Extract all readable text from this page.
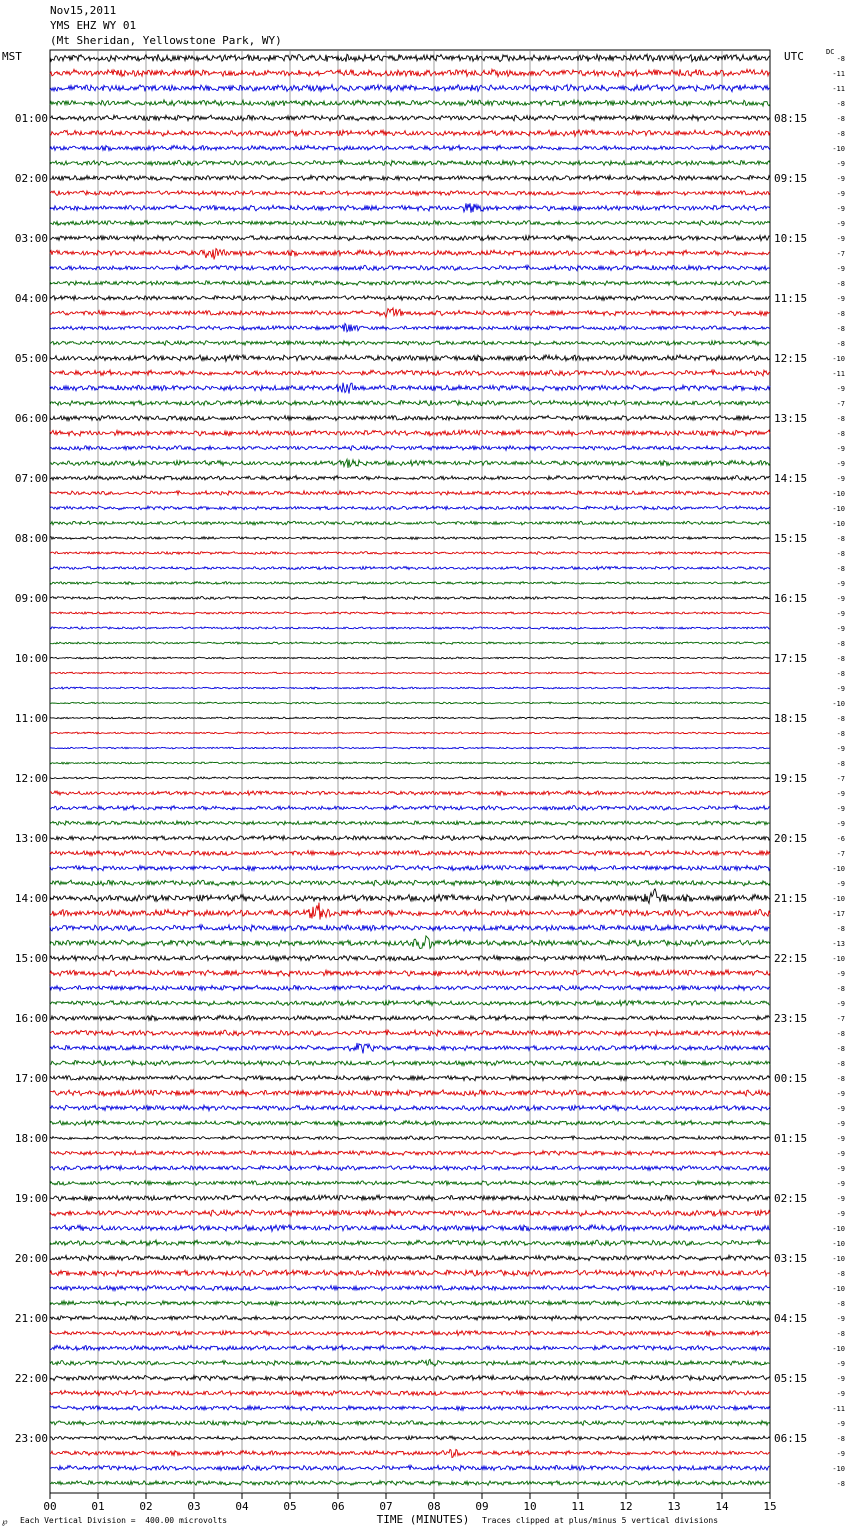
Nov15,2011
YMS EHZ WY 01
(Mt Sheridan, Yellowstone Park, WY)
MST	UTC	DC
01:00
02:00
03:00
04:00
05:00
06:00
07:00
08:00
09:00
10:00
11:00
12:00
13:00
14:00
15:00
16:00
17:00
18:00
19:00
20:00
21:00
22:00
23:00
08:15
09:15
10:15
11:15
12:15
13:15
14:15
15:15
16:15
17:15
18:15
19:15
20:15
21:15
22:15
23:15
00:15
01:15
02:15
03:15
04:15
05:15
06:15
-8
-11
-11
-8
-8
-8
-10
-9
-9
-9
-9
-9
-9
-7
-9
-8
-9
-8
-8
-8
-10
-11
-9
-7
-8
-8
-9
-9
-9
-10
-10
-10
-8
-8
-8
-9
-9
-9
-9
-8
-8
-8
-9
-10
-8
-8
-9
-8
-7
-9
-9
-9
-6
-7
-10
-9
-10
-17
-8
-13
-10
-9
-8
-9
-7
-8
-8
-8
-8
-9
-9
-9
-9
-9
-9
-9
-9
-9
-10
-10
-10
-8
-10
-8
-9
-8
-10
-9
-9
-9
-11
-9
-8
-9
-10
-8
00	01	02	03	04	05	06	07	08	09	10	11	12	13	14	15
TIME (MINUTES)
℘ Each Vertical Division =  400.00 microvolts	Traces clipped at plus/minus 5 vertical divisions
